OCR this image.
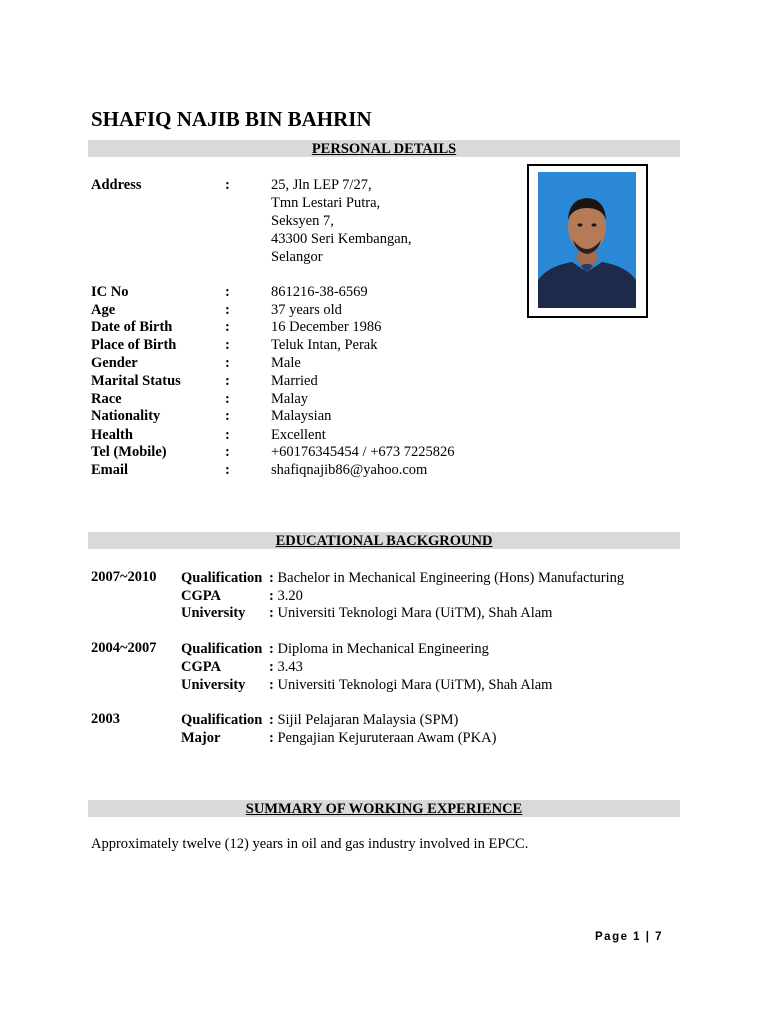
SHAFIQ NAJIB BIN BAHRIN
PERSONAL DETAILS
Address	:	25, Jln LEP 7/27,
Tmn Lestari Putra,
Seksyen 7,
43300 Seri Kembangan,
Selangor
IC No	:	861216-38-6569
Age	:	37 years old
Date of Birth	:	16 December 1986
Place of Birth	:	Teluk Intan, Perak
Gender	:	Male
Marital Status	:	Married
Race	:	Malay
Nationality	:	Malaysian
Health	:	Excellent
Tel (Mobile)	:	+60176345454 / +673 7225826
Email	:	shafiqnajib86@yahoo.com
EDUCATIONAL BACKGROUND
2007~2010 Qualification : Bachelor in Mechanical Engineering (Hons) Manufacturing
CGPA	: 3.20
University : Universiti Teknologi Mara (UiTM), Shah Alam
2004~2007 Qualification : Diploma in Mechanical Engineering
CGPA	: 3.43
University : Universiti Teknologi Mara (UiTM), Shah Alam
2003	Qualification : Sijil Pelajaran Malaysia (SPM)
Major	: Pengajian Kejuruteraan Awam (PKA)
SUMMARY OF WORKING EXPERIENCE
Approximately twelve (12) years in oil and gas industry involved in EPCC.
Page 1 | 7
